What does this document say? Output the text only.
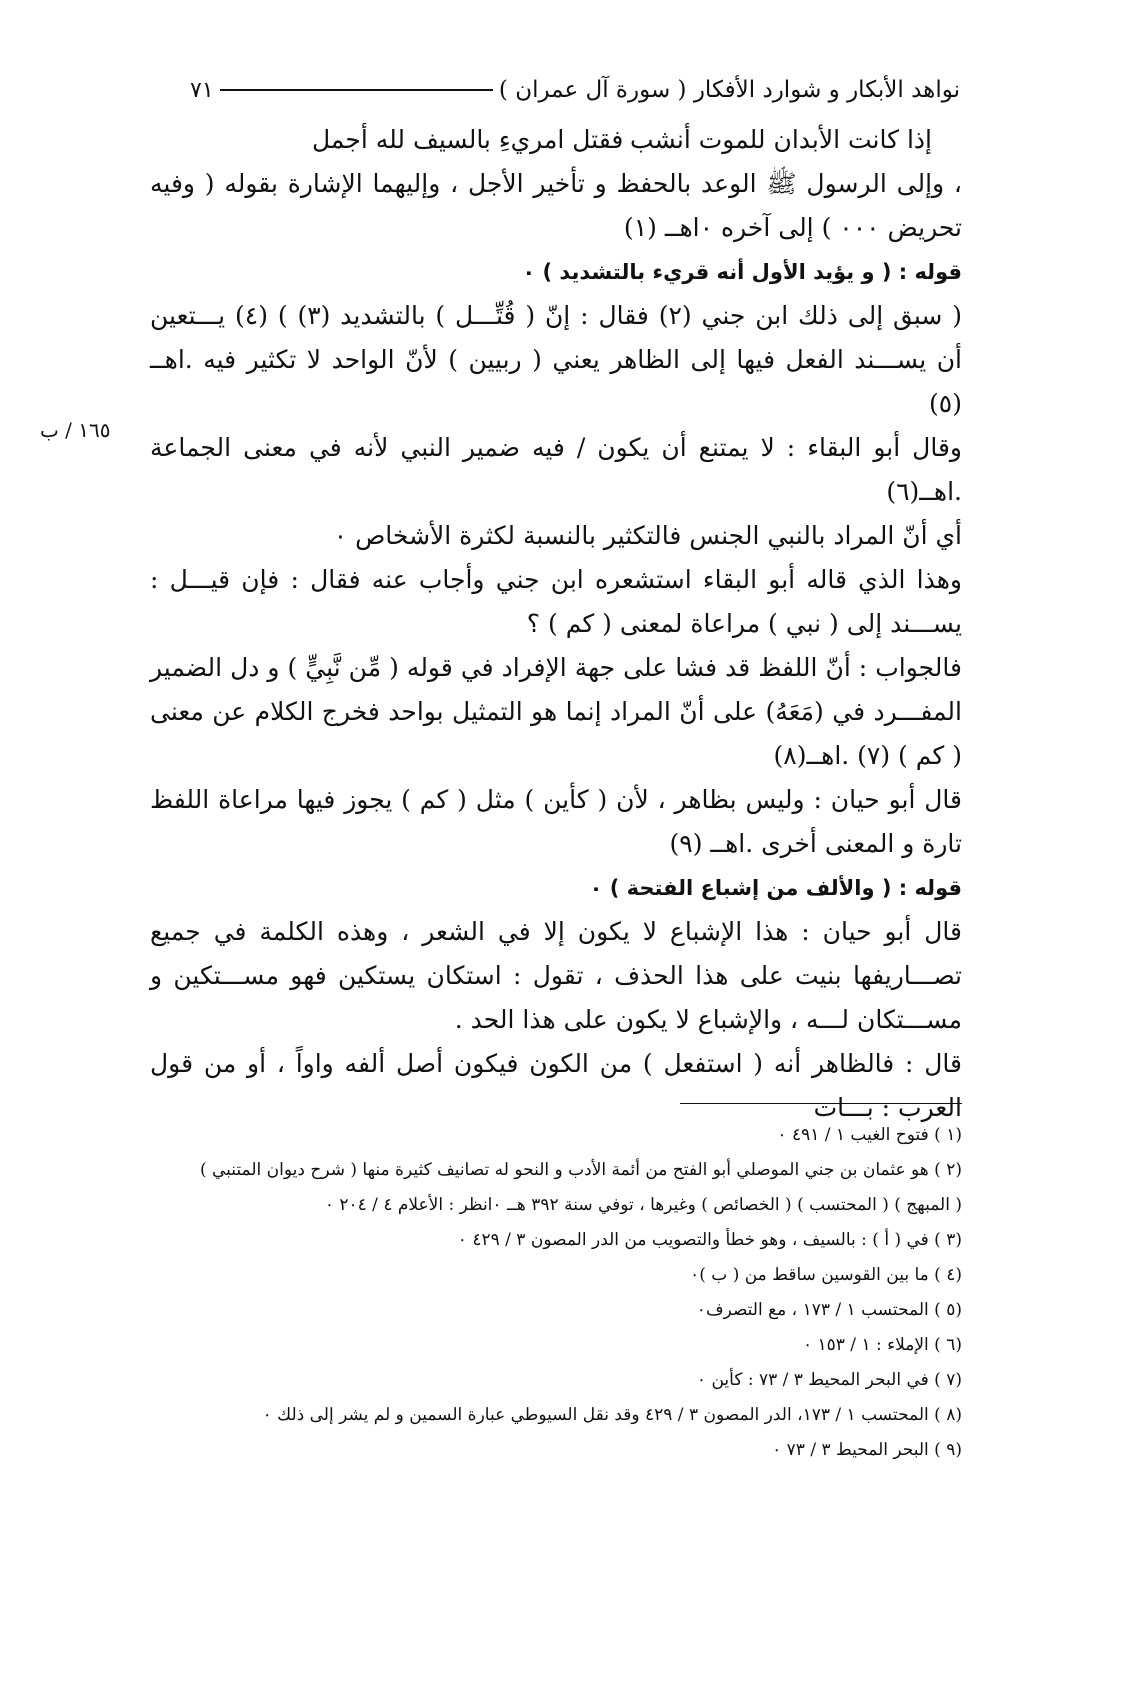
نواهد الأبكار و شوارد الأفكار ( سورة آل عمران )
٧١
١٦٥ / ب
إذا كانت الأبدان للموت أنشب
فقتل امريءِ بالسيف لله أجمل

، وإلى الرسول ﷺ الوعد بالحفظ و تأخير الأجل ، وإليهما الإشارة بقوله ( وفيه تحريض ٠٠٠ ) إلى آخره ٠اهــ (١)

قوله : ( و يؤيد الأول أنه قريء بالتشديد ) ٠

( سبق إلى ذلك ابن جني (٢) فقال : إنّ ( قُتِّـــل ) بالتشديد (٣) ) (٤) يـــتعين أن يســـند الفعل فيها إلى الظاهر يعني ( ربيين ) لأنّ الواحد لا تكثير فيه .اهــ (٥)

وقال أبو البقاء : لا يمتنع أن يكون / فيه ضمير النبي لأنه في معنى الجماعة .اهــ(٦)

أي أنّ المراد بالنبي الجنس فالتكثير بالنسبة لكثرة الأشخاص ٠

وهذا الذي قاله أبو البقاء استشعره ابن جني وأجاب عنه فقال : فإن قيـــل : يســـند إلى ( نبي ) مراعاة لمعنى ( كم ) ؟

فالجواب : أنّ اللفظ قد فشا على جهة الإفراد في قوله ( مِّن نَّبِيٍّ ) و دل الضمير المفـــرد في (مَعَهُ) على أنّ المراد إنما هو التمثيل بواحد فخرج الكلام عن معنى ( كم ) (٧) .اهــ(٨)

قال أبو حيان : وليس بظاهر ، لأن ( كأين ) مثل ( كم ) يجوز فيها مراعاة اللفظ تارة و المعنى أخرى .اهــ (٩)

قوله : ( والألف من إشباع الفتحة ) ٠

قال أبو حيان : هذا الإشباع لا يكون إلا في الشعر ، وهذه الكلمة في جميع تصـــاريفها بنيت على هذا الحذف ، تقول : استكان يستكين فهو مســـتكين و مســـتكان لـــه ، والإشباع لا يكون على هذا الحد .

قال : فالظاهر أنه ( استفعل ) من الكون فيكون أصل ألفه واواً ، أو من قول العرب : بـــات

(١ ) فتوح الغيب ١ / ٤٩١ ٠
(٢ ) هو عثمان بن جني الموصلي أبو الفتح من أئمة الأدب و النحو له تصانيف كثيرة منها ( شرح ديوان المتنبي )
( المبهج ) ( المحتسب ) ( الخصائص ) وغيرها ، توفي سنة ٣٩٢ هــ ٠انظر : الأعلام ٤ / ٢٠٤ ٠
(٣ ) في ( أ ) : بالسيف ، وهو خطأ والتصويب من الدر المصون ٣ / ٤٢٩ ٠
(٤ ) ما بين القوسين ساقط من ( ب )٠
(٥ ) المحتسب ١ / ١٧٣ ، مع التصرف٠
(٦ ) الإملاء : ١ / ١٥٣ ٠
(٧ ) في البحر المحيط ٣ / ٧٣ : كأين ٠
(٨ ) المحتسب ١ / ١٧٣، الدر المصون ٣ / ٤٢٩ وقد نقل السيوطي عبارة السمين و لم يشر إلى ذلك ٠
(٩ ) البحر المحيط ٣ / ٧٣ ٠
